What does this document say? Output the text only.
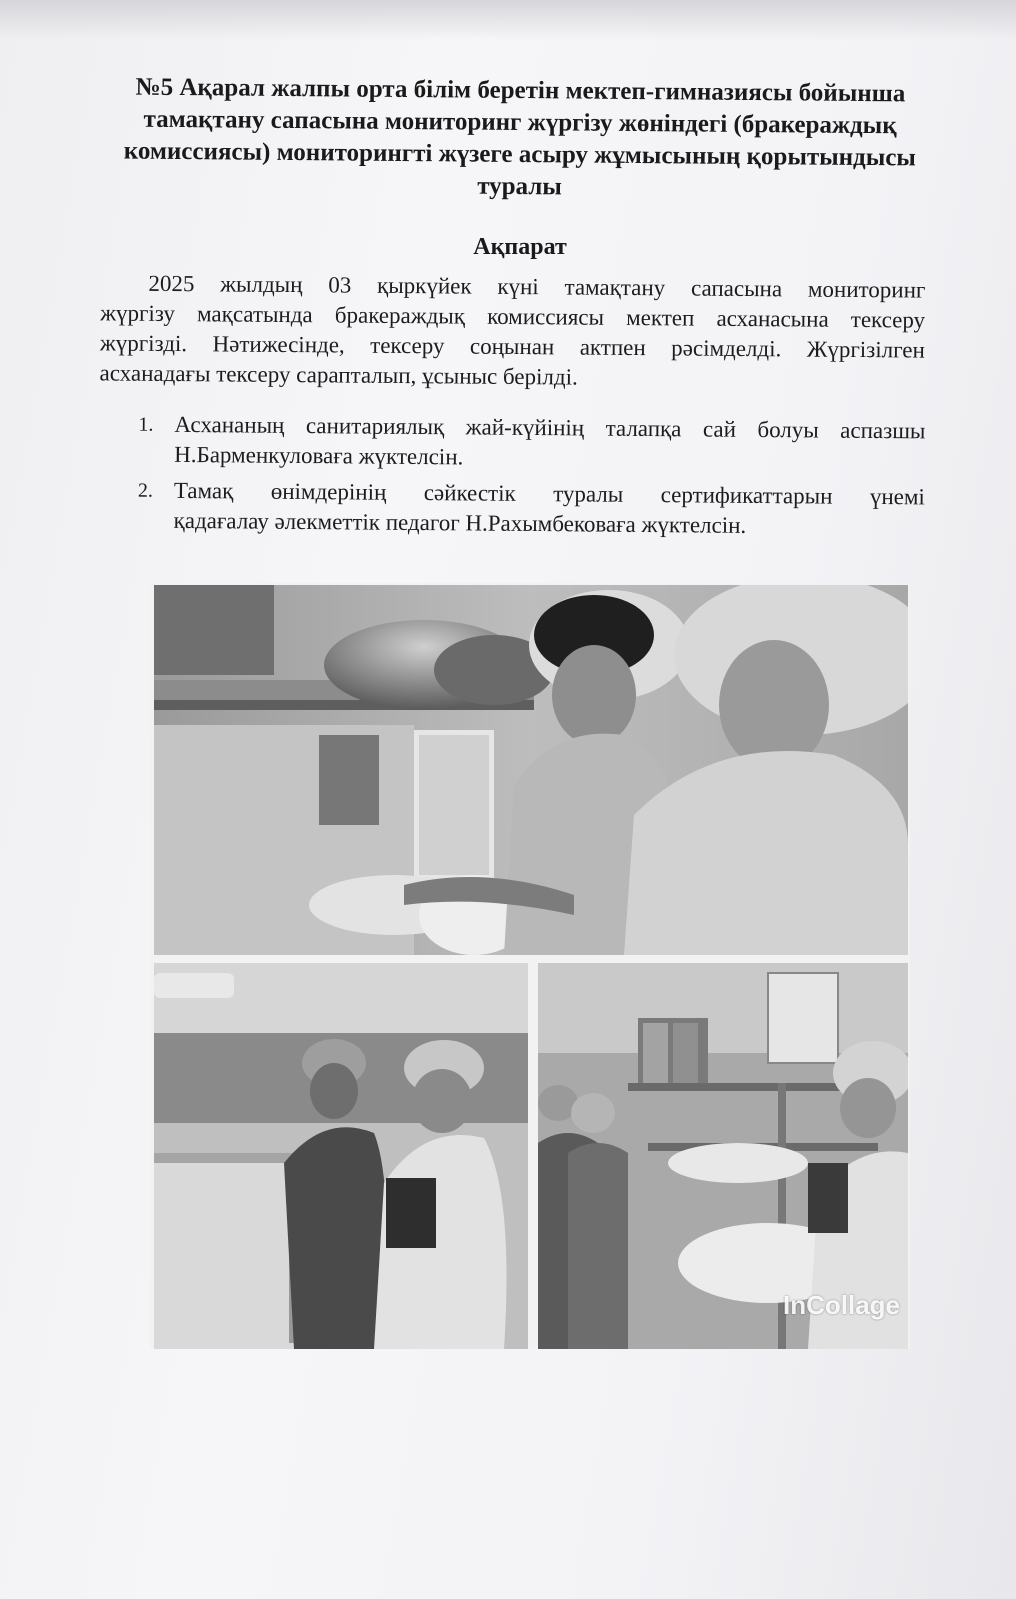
№5 Ақарал жалпы орта білім беретін мектеп-гимназиясы бойынша
тамақтану сапасына мониторинг жүргізу жөніндегі (бракераждық
комиссиясы) мониторингті жүзеге асыру жұмысының қорытындысы
туралы
Ақпарат

2025 жылдың 03 қыркүйек күні тамақтану сапасына мониторинг
жүргізу мақсатында бракераждық комиссиясы мектеп асханасына тексеру
жүргізді. Нәтижесінде, тексеру соңынан актпен рәсімделді. Жүргізілген
асханадағы тексеру сарапталып, ұсыныс берілді.

1. Асхананың санитариялық жай-күйінің талапқа сай болуы аспазшы
Н.Барменкуловаға жүктелсін.
2. Тамақ өнімдерінің сәйкестік туралы сертификаттарын үнемі
қадағалау әлекметтік педагог Н.Рахымбековаға жүктелсін.
InCollage
